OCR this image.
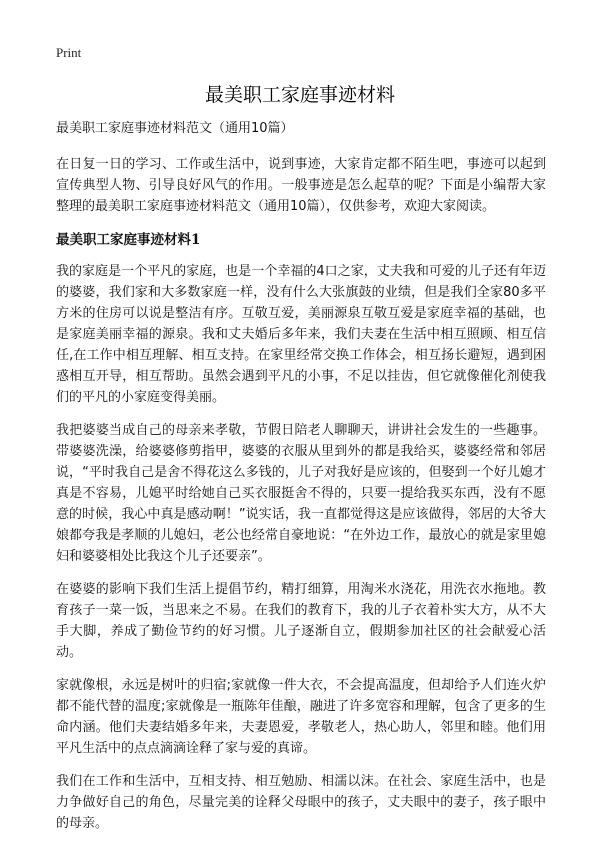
Print
最美职工家庭事迹材料

最美职工家庭事迹材料范文（通用10篇）

在日复一日的学习、工作或生活中，说到事迹，大家肯定都不陌生吧，事迹可以起到宣传典型人物、引导良好风气的作用。一般事迹是怎么起草的呢？下面是小编帮大家整理的最美职工家庭事迹材料范文（通用10篇），仅供参考，欢迎大家阅读。

最美职工家庭事迹材料1

我的家庭是一个平凡的家庭，也是一个幸福的4口之家，丈夫我和可爱的儿子还有年迈的婆婆，我们家和大多数家庭一样，没有什么大张旗鼓的业绩，但是我们全家80多平方米的住房可以说是整洁有序。互敬互爱，美丽源泉互敬互爱是家庭幸福的基础，也是家庭美丽幸福的源泉。我和丈夫婚后多年来，我们夫妻在生活中相互照顾、相互信任,在工作中相互理解、相互支持。在家里经常交换工作体会，相互扬长避短，遇到困惑相互开导，相互帮助。虽然会遇到平凡的小事，不足以挂齿，但它就像催化剂使我们的平凡的小家庭变得美丽。

我把婆婆当成自己的母亲来孝敬，节假日陪老人聊聊天，讲讲社会发生的一些趣事。带婆婆洗澡，给婆婆修剪指甲，婆婆的衣服从里到外的都是我给买，婆婆经常和邻居说，“平时我自己是舍不得花这么多钱的，儿子对我好是应该的，但娶到一个好儿媳才真是不容易，儿媳平时给她自己买衣服挺舍不得的，只要一提给我买东西，没有不愿意的时候，我心中真是感动啊！”说实话，我一直都觉得这是应该做得，邻居的大爷大娘都夸我是孝顺的儿媳妇，老公也经常自豪地说：“在外边工作，最放心的就是家里媳妇和婆婆相处比我这个儿子还要亲”。

在婆婆的影响下我们生活上提倡节约，精打细算，用淘米水浇花，用洗衣水拖地。教育孩子一菜一饭，当思来之不易。在我们的教育下，我的儿子衣着朴实大方，从不大手大脚，养成了勤俭节约的好习惯。儿子逐渐自立，假期参加社区的社会献爱心活动。

家就像根，永远是树叶的归宿;家就像一件大衣，不会提高温度，但却给予人们连火炉都不能代替的温度;家就像是一瓶陈年佳酿，融进了许多宽容和理解，包含了更多的生命内涵。他们夫妻结婚多年来，夫妻恩爱，孝敬老人，热心助人，邻里和睦。他们用平凡生活中的点点滴滴诠释了家与爱的真谛。

我们在工作和生活中，互相支持、相互勉励、相濡以沫。在社会、家庭生活中，也是力争做好自己的角色，尽量完美的诠释父母眼中的孩子，丈夫眼中的妻子，孩子眼中的母亲。
